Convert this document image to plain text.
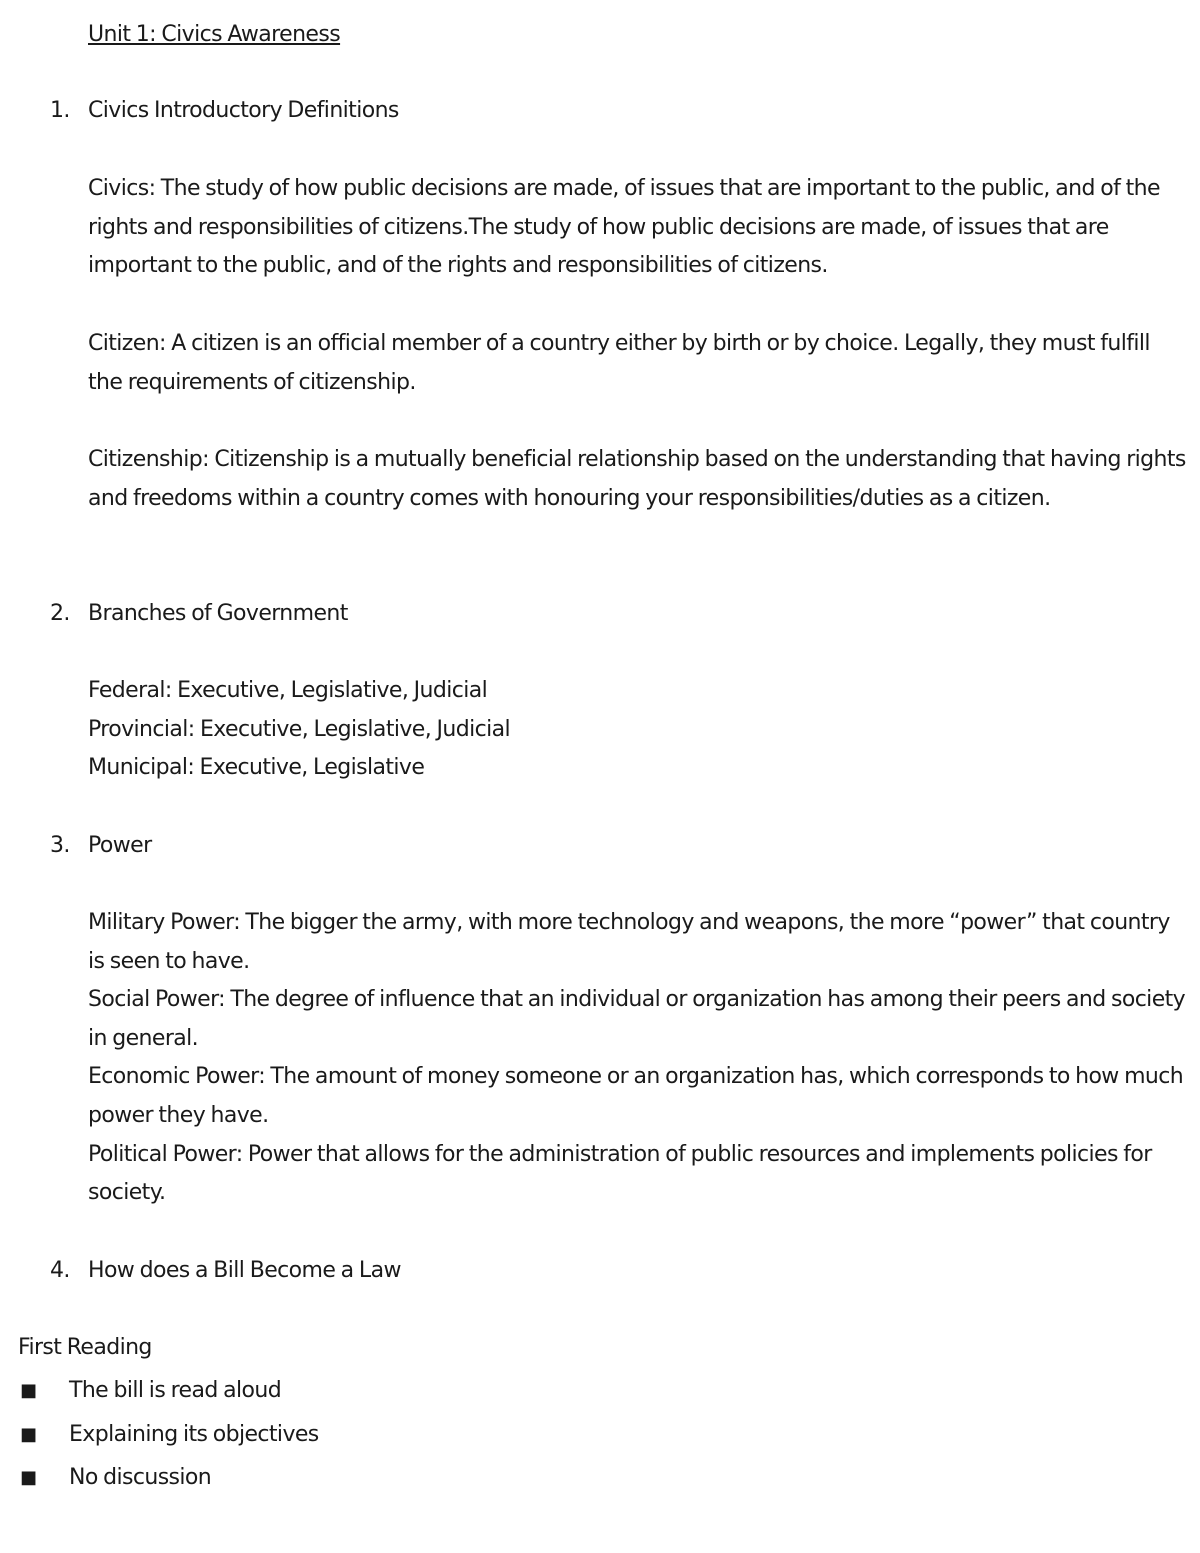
Unit 1: Civics Awareness
1. Civics Introductory Definitions

Civics: The study of how public decisions are made, of issues that are important to the public, and of the rights and responsibilities of citizens.The study of how public decisions are made, of issues that are important to the public, and of the rights and responsibilities of citizens.

Citizen: A citizen is an official member of a country either by birth or by choice. Legally, they must fulfill the requirements of citizenship.

Citizenship: Citizenship is a mutually beneficial relationship based on the understanding that having rights and freedoms within a country comes with honouring your responsibilities/duties as a citizen.

2. Branches of Government

Federal: Executive, Legislative, Judicial

Provincial: Executive, Legislative, Judicial

Municipal: Executive, Legislative

3. Power

Military Power: The bigger the army, with more technology and weapons, the more “power” that country is seen to have.

Social Power: The degree of influence that an individual or organization has among their peers and society in general.

Economic Power: The amount of money someone or an organization has, which corresponds to how much power they have.

Political Power: Power that allows for the administration of public resources and implements policies for society.

4. How does a Bill Become a Law
First Reading
■ The bill is read aloud
■ Explaining its objectives
■ No discussion
